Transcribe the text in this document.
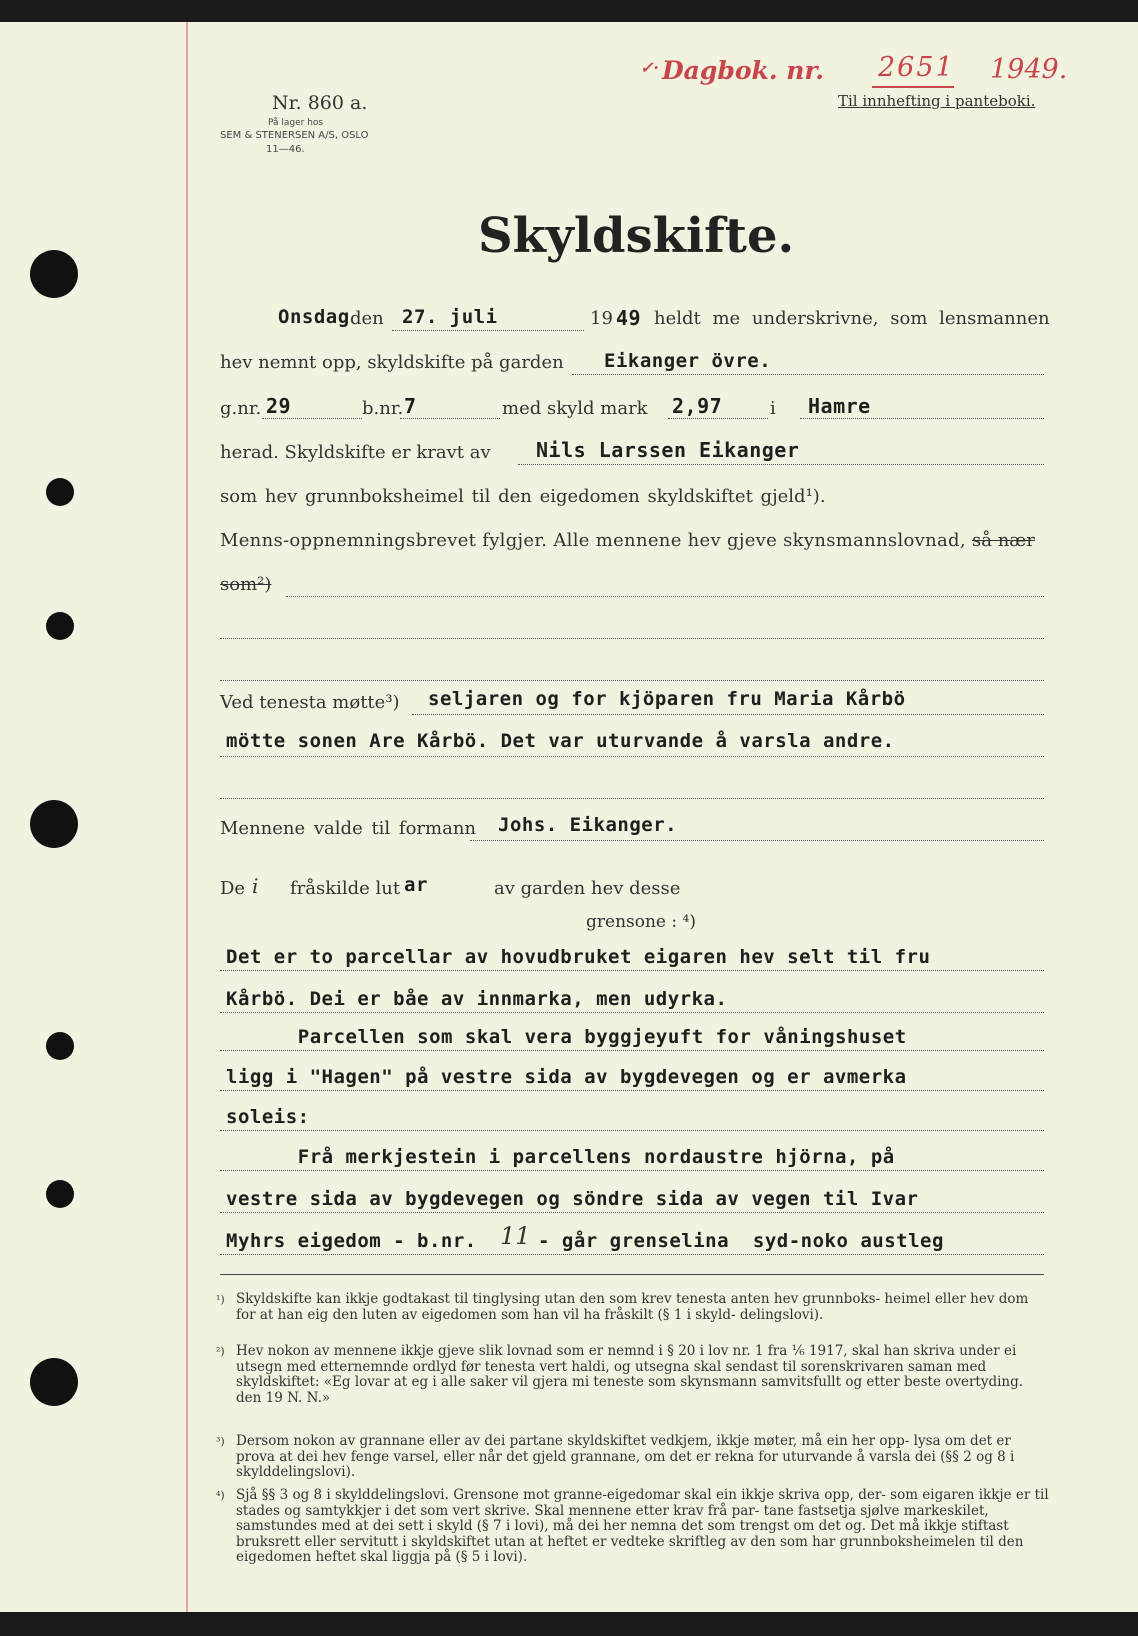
Nr. 860 a.
På lager hos
SEM & STENERSEN A/S, OSLO
11—46.
✓· Dagbok. nr. 2651 1949.
Til innhefting i panteboki.
Skyldskifte.
Onsdag den 27. juli	19 49 heldt me underskrivne, som lensmannen
hev nemnt opp, skyldskifte på garden Eikanger övre.
g.nr. 29	b.nr. 7	med skyld mark 2,97	i Hamre
herad. Skyldskifte er kravt av Nils Larssen Eikanger
som hev grunnboksheimel til den eigedomen skyldskiftet gjeld¹).
Menns-oppnemningsbrevet fylgjer. Alle mennene hev gjeve skynsmannslovnad, så nær
som²)
Ved tenesta møtte³) seljaren og for kjöparen fru Maria Kårbö
mötte sonen Are Kårbö. Det var uturvande å varsla andre.
Mennene valde til formann Johs. Eikanger.
De i fråskilde lut ar	av garden hev desse
grensone : ⁴)
Det er to parcellar av hovudbruket eigaren hev selt til fru
Kårbö. Dei er båe av innmarka, men udyrka.
Parcellen som skal vera byggjeyuft for våningshuset
ligg i "Hagen" på vestre sida av bygdevegen og er avmerka
soleis:
Frå merkjestein i parcellens nordaustre hjörna, på
vestre sida av bygdevegen og söndre sida av vegen til Ivar
Myhrs eigedom - b.nr. 11 - går grenselina  syd-noko austleg
¹) Skyldskifte kan ikkje godtakast til tinglysing utan den som krev tenesta anten hev grunnboks- heimel eller hev dom for at han eig den luten av eigedomen som han vil ha fråskilt (§ 1 i skyld- delingslovi).
²) Hev nokon av mennene ikkje gjeve slik lovnad som er nemnd i § 20 i lov nr. 1 fra ⅙ 1917, skal han skriva under ei utsegn med etternemnde ordlyd før tenesta vert haldi, og utsegna skal sendast til sorenskrivaren saman med skyldskiftet: «Eg lovar at eg i alle saker vil gjera mi teneste som skynsmann samvitsfullt og etter beste overtyding. den 19 N. N.»
³) Dersom nokon av grannane eller av dei partane skyldskiftet vedkjem, ikkje møter, må ein her opp- lysa om det er prova at dei hev fenge varsel, eller når det gjeld grannane, om det er rekna for uturvande å varsla dei (§§ 2 og 8 i skylddelingslovi).
⁴) Sjå §§ 3 og 8 i skylddelingslovi. Grensone mot granne-eigedomar skal ein ikkje skriva opp, der- som eigaren ikkje er til stades og samtykkjer i det som vert skrive. Skal mennene etter krav frå par- tane fastsetja sjølve markeskilet, samstundes med at dei sett i skyld (§ 7 i lovi), må dei her nemna det som trengst om det og. Det må ikkje stiftast bruksrett eller servitutt i skyldskiftet utan at heftet er vedteke skriftleg av den som har grunnboksheimelen til den eigedomen heftet skal liggja på (§ 5 i lovi).
